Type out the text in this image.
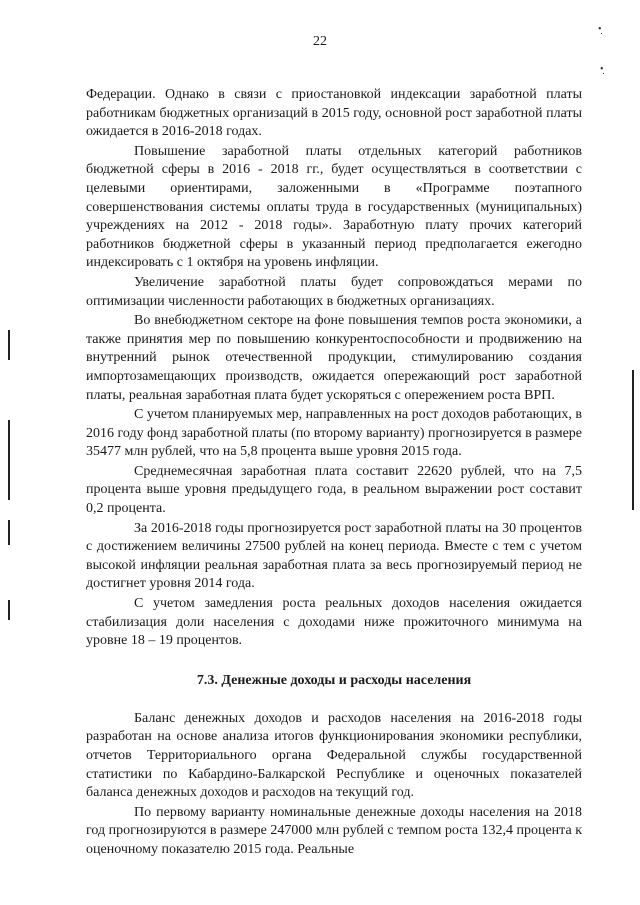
22
•̣
•̣

Федерации. Однако в связи с приостановкой индексации заработной платы работникам бюджетных организаций в 2015 году, основной рост заработной платы ожидается в 2016-2018 годах.

Повышение заработной платы отдельных категорий работников бюджетной сферы в 2016 - 2018 гг., будет осуществляться в соответствии с целевыми ориентирами, заложенными в «Программе поэтапного совершенствования системы оплаты труда в государственных (муниципальных) учреждениях на 2012 - 2018 годы». Заработную плату прочих категорий работников бюджетной сферы в указанный период предполагается ежегодно индексировать с 1 октября на уровень инфляции.

Увеличение заработной платы будет сопровождаться мерами по оптимизации численности работающих в бюджетных организациях.

Во внебюджетном секторе на фоне повышения темпов роста экономики, а также принятия мер по повышению конкурентоспособности и продвижению на внутренний рынок отечественной продукции, стимулированию создания импортозамещающих производств, ожидается опережающий рост заработной платы, реальная заработная плата будет ускоряться с опережением роста ВРП.

С учетом планируемых мер, направленных на рост доходов работающих, в 2016 году фонд заработной платы (по второму варианту) прогнозируется в размере 35477 млн рублей, что на 5,8 процента выше уровня 2015 года.

Среднемесячная заработная плата составит 22620 рублей, что на 7,5 процента выше уровня предыдущего года, в реальном выражении рост составит 0,2 процента.

За 2016-2018 годы прогнозируется рост заработной платы на 30 процентов с достижением величины 27500 рублей на конец периода. Вместе с тем с учетом высокой инфляции реальная заработная плата за весь прогнозируемый период не достигнет уровня 2014 года.

С учетом замедления роста реальных доходов населения ожидается стабилизация доли населения с доходами ниже прожиточного минимума на уровне 18 – 19 процентов.

7.3. Денежные доходы и расходы населения

Баланс денежных доходов и расходов населения на 2016-2018 годы разработан на основе анализа итогов функционирования экономики республики, отчетов Территориального органа Федеральной службы государственной статистики по Кабардино-Балкарской Республике и оценочных показателей баланса денежных доходов и расходов на текущий год.

По первому варианту номинальные денежные доходы населения на 2018 год прогнозируются в размере 247000 млн рублей с темпом роста 132,4 процента к оценочному показателю 2015 года. Реальные
